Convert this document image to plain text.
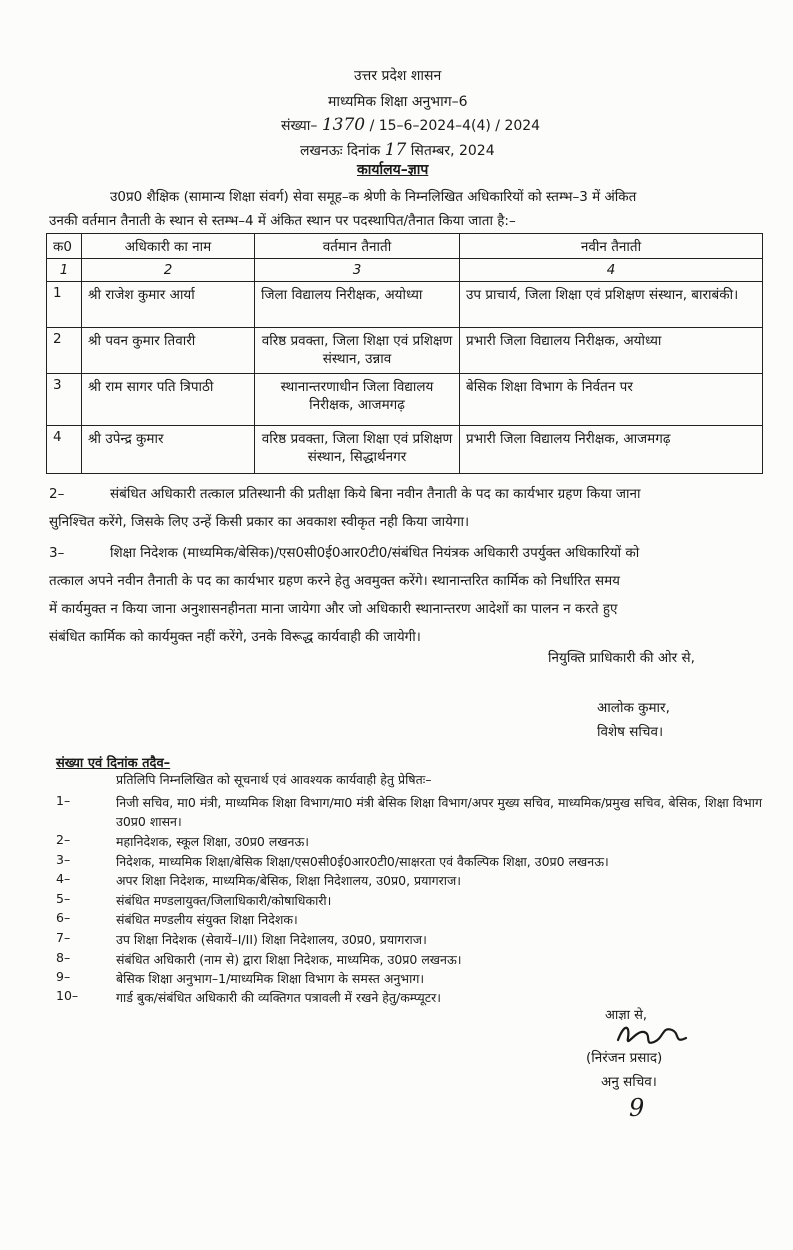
उत्तर प्रदेश शासन
माध्यमिक शिक्षा अनुभाग–6
संख्या– 1370 / 15–6–2024–4(4) / 2024
लखनऊः दिनांक 17 सितम्बर, 2024
कार्यालय–ज्ञाप
उ0प्र0 शैक्षिक (सामान्य शिक्षा संवर्ग) सेवा समूह–क श्रेणी के निम्नलिखित अधिकारियों को स्तम्भ–3 में अंकित
उनकी वर्तमान तैनाती के स्थान से स्तम्भ–4 में अंकित स्थान पर पदस्थापित/तैनात किया जाता है:–
क0	अधिकारी का नाम	वर्तमान तैनाती	नवीन तैनाती
1	2	3	4
1	श्री राजेश कुमार आर्या	जिला विद्यालय निरीक्षक, अयोध्या	उप प्राचार्य, जिला शिक्षा एवं प्रशिक्षण संस्थान, बाराबंकी।
2	श्री पवन कुमार तिवारी	वरिष्ठ प्रवक्ता, जिला शिक्षा एवं प्रशिक्षण संस्थान, उन्नाव	प्रभारी जिला विद्यालय निरीक्षक, अयोध्या
3	श्री राम सागर पति त्रिपाठी	स्थानान्तरणाधीन जिला विद्यालय निरीक्षक, आजमगढ़	बेसिक शिक्षा विभाग के निर्वतन पर
4	श्री उपेन्द्र कुमार	वरिष्ठ प्रवक्ता, जिला शिक्षा एवं प्रशिक्षण संस्थान, सिद्धार्थनगर	प्रभारी जिला विद्यालय निरीक्षक, आजमगढ़
2–	संबंधित अधिकारी तत्काल प्रतिस्थानी की प्रतीक्षा किये बिना नवीन तैनाती के पद का कार्यभार ग्रहण किया जाना
सुनिश्चित करेंगे, जिसके लिए उन्हें किसी प्रकार का अवकाश स्वीकृत नही किया जायेगा।
3–	शिक्षा निदेशक (माध्यमिक/बेसिक)/एस0सी0ई0आर0टी0/संबंधित नियंत्रक अधिकारी उपर्युक्त अधिकारियों को
तत्काल अपने नवीन तैनाती के पद का कार्यभार ग्रहण करने हेतु अवमुक्त करेंगे। स्थानान्तरित कार्मिक को निर्धारित समय
में कार्यमुक्त न किया जाना अनुशासनहीनता माना जायेगा और जो अधिकारी स्थानान्तरण आदेशों का पालन न करते हुए
संबंधित कार्मिक को कार्यमुक्त नहीं करेंगे, उनके विरूद्ध कार्यवाही की जायेगी।
नियुक्ति प्राधिकारी की ओर से,
आलोक कुमार,
विशेष सचिव।
संख्या एवं दिनांक तदैव–
प्रतिलिपि निम्नलिखित को सूचनार्थ एवं आवश्यक कार्यवाही हेतु प्रेषितः–
1–	निजी सचिव, मा0 मंत्री, माध्यमिक शिक्षा विभाग/मा0 मंत्री बेसिक शिक्षा विभाग/अपर मुख्य सचिव, माध्यमिक/प्रमुख सचिव, बेसिक, शिक्षा विभाग उ0प्र0 शासन।
2–	महानिदेशक, स्कूल शिक्षा, उ0प्र0 लखनऊ।
3–	निदेशक, माध्यमिक शिक्षा/बेसिक शिक्षा/एस0सी0ई0आर0टी0/साक्षरता एवं वैकल्पिक शिक्षा, उ0प्र0 लखनऊ।
4–	अपर शिक्षा निदेशक, माध्यमिक/बेसिक, शिक्षा निदेशालय, उ0प्र0, प्रयागराज।
5–	संबंधित मण्डलायुक्त/जिलाधिकारी/कोषाधिकारी।
6–	संबंधित मण्डलीय संयुक्त शिक्षा निदेशक।
7–	उप शिक्षा निदेशक (सेवायें–I/II) शिक्षा निदेशालय, उ0प्र0, प्रयागराज।
8–	संबंधित अधिकारी (नाम से) द्वारा शिक्षा निदेशक, माध्यमिक, उ0प्र0 लखनऊ।
9–	बेसिक शिक्षा अनुभाग–1/माध्यमिक शिक्षा विभाग के समस्त अनुभाग।
10–	गार्ड बुक/संबंधित अधिकारी की व्यक्तिगत पत्रावली में रखने हेतु/कम्प्यूटर।
आज्ञा से,
(निरंजन प्रसाद)
अनु सचिव।
9
